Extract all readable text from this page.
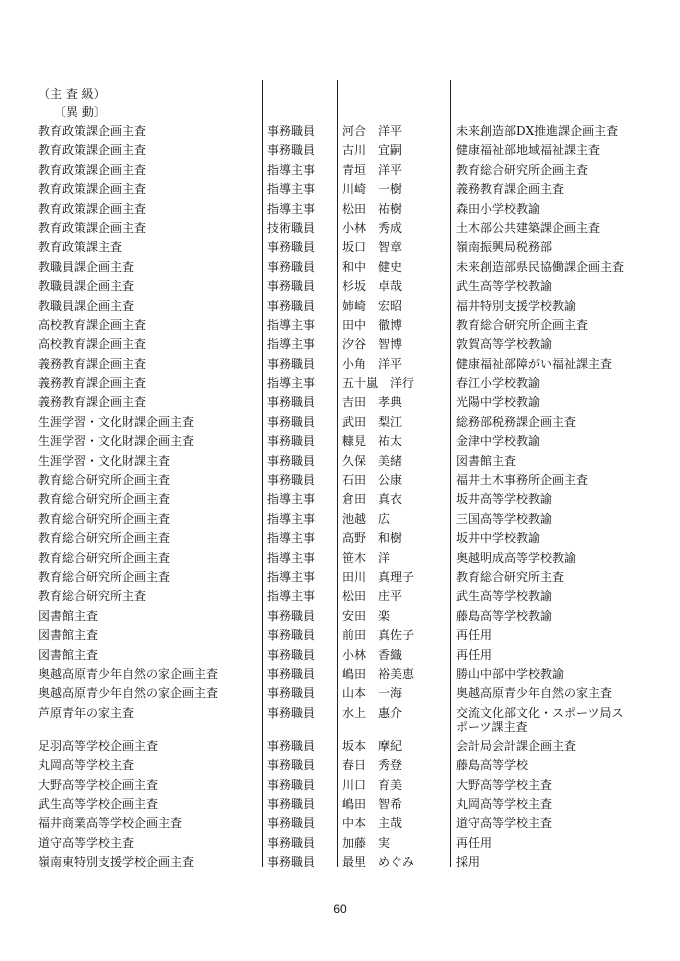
（主 査 級）
〔異 動〕
教育政策課企画主査	事務職員 河合　洋平	未来創造部DX推進課企画主査
教育政策課企画主査	事務職員 古川　宜嗣	健康福祉部地域福祉課主査
教育政策課企画主査	指導主事 青垣　洋平	教育総合研究所企画主査
教育政策課企画主査	指導主事 川崎　一樹	義務教育課企画主査
教育政策課企画主査	指導主事 松田　祐樹	森田小学校教諭
教育政策課企画主査	技術職員 小林　秀成	土木部公共建築課企画主査
教育政策課主査	事務職員 坂口　智章	嶺南振興局税務部
教職員課企画主査	事務職員 和中　健史	未来創造部県民協働課企画主査
教職員課企画主査	事務職員 杉坂　卓哉	武生高等学校教諭
教職員課企画主査	事務職員 姉崎　宏昭	福井特別支援学校教諭
高校教育課企画主査	指導主事 田中　徹博	教育総合研究所企画主査
高校教育課企画主査	指導主事 汐谷　智博	敦賀高等学校教諭
義務教育課企画主査	事務職員 小角　洋平	健康福祉部障がい福祉課主査
義務教育課企画主査	指導主事 五十嵐　洋行	春江小学校教諭
義務教育課企画主査	事務職員 吉田　孝典	光陽中学校教諭
生涯学習・文化財課企画主査	事務職員 武田　梨江	総務部税務課企画主査
生涯学習・文化財課企画主査	事務職員 糠見　祐太	金津中学校教諭
生涯学習・文化財課主査	事務職員 久保　美緒	図書館主査
教育総合研究所企画主査	事務職員 石田　公康	福井土木事務所企画主査
教育総合研究所企画主査	指導主事 倉田　真衣	坂井高等学校教諭
教育総合研究所企画主査	指導主事 池越　広	三国高等学校教諭
教育総合研究所企画主査	指導主事 高野　和樹	坂井中学校教諭
教育総合研究所企画主査	指導主事 笹木　洋	奥越明成高等学校教諭
教育総合研究所企画主査	指導主事 田川　真理子	教育総合研究所主査
教育総合研究所主査	指導主事 松田　庄平	武生高等学校教諭
図書館主査	事務職員 安田　楽	藤島高等学校教諭
図書館主査	事務職員 前田　真佐子	再任用
図書館主査	事務職員 小林　香織	再任用
奥越高原青少年自然の家企画主査	事務職員 嶋田　裕美恵	勝山中部中学校教諭
奥越高原青少年自然の家企画主査	事務職員 山本　一海	奥越高原青少年自然の家主査
芦原青年の家主査	事務職員 水上　惠介	交流文化部文化・スポーツ局スポーツ課主査
足羽高等学校企画主査	事務職員 坂本　摩紀	会計局会計課企画主査
丸岡高等学校主査	事務職員 春日　秀登	藤島高等学校
大野高等学校企画主査	事務職員 川口　育美	大野高等学校主査
武生高等学校企画主査	事務職員 嶋田　智希	丸岡高等学校主査
福井商業高等学校企画主査	事務職員 中本　主哉	道守高等学校主査
道守高等学校主査	事務職員 加藤　実	再任用
嶺南東特別支援学校企画主査	事務職員 最里　めぐみ	採用
60
